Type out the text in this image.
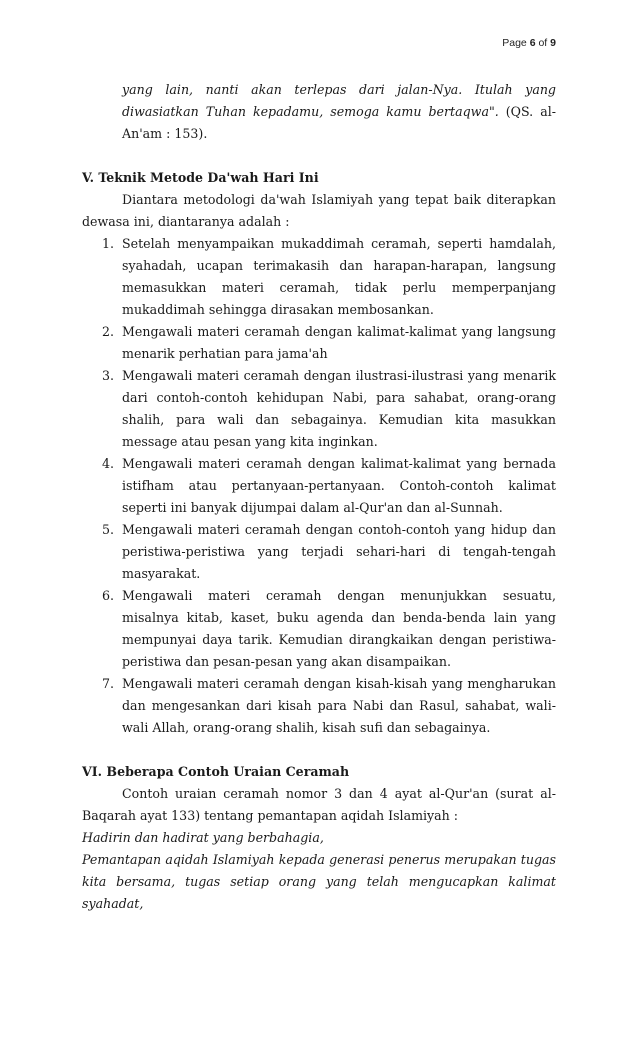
Page 6 of 9
yang lain, nanti akan terlepas dari jalan-Nya. Itulah yang diwasiatkan Tuhan kepadamu, semoga kamu bertaqwa". (QS. al-An'am : 153).
V. Teknik Metode Da'wah Hari Ini
Diantara metodologi da'wah Islamiyah yang tepat baik diterapkan dewasa ini, diantaranya adalah :
1. Setelah menyampaikan mukaddimah ceramah, seperti hamdalah, syahadah, ucapan terimakasih dan harapan-harapan, langsung memasukkan materi ceramah, tidak perlu memperpanjang mukaddimah sehingga dirasakan membosankan.
2. Mengawali materi ceramah dengan kalimat-kalimat yang langsung menarik perhatian para jama'ah
3. Mengawali materi ceramah dengan ilustrasi-ilustrasi yang menarik dari contoh-contoh kehidupan Nabi, para sahabat, orang-orang shalih, para wali dan sebagainya. Kemudian kita masukkan message atau pesan yang kita inginkan.
4. Mengawali materi ceramah dengan kalimat-kalimat yang bernada istifham atau pertanyaan-pertanyaan. Contoh-contoh kalimat seperti ini banyak dijumpai dalam al-Qur'an dan al-Sunnah.
5. Mengawali materi ceramah dengan contoh-contoh yang hidup dan peristiwa-peristiwa yang terjadi sehari-hari di tengah-tengah masyarakat.
6. Mengawali materi ceramah dengan menunjukkan sesuatu, misalnya kitab, kaset, buku agenda dan benda-benda lain yang mempunyai daya tarik. Kemudian dirangkaikan dengan peristiwa-peristiwa dan pesan-pesan yang akan disampaikan.
7. Mengawali materi ceramah dengan kisah-kisah yang mengharukan dan mengesankan dari kisah para Nabi dan Rasul, sahabat, wali-wali Allah, orang-orang shalih, kisah sufi dan sebagainya.
VI. Beberapa Contoh Uraian Ceramah
Contoh uraian ceramah nomor 3 dan 4 ayat al-Qur'an (surat al-Baqarah ayat 133) tentang pemantapan aqidah Islamiyah :
Hadirin dan hadirat yang berbahagia,
Pemantapan aqidah Islamiyah kepada generasi penerus merupakan tugas kita bersama, tugas setiap orang yang telah mengucapkan kalimat syahadat,
